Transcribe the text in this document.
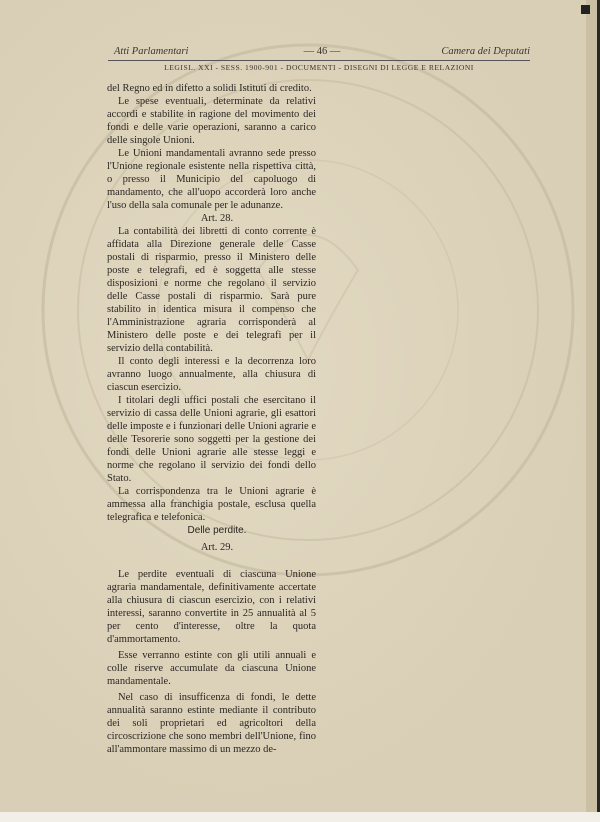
Atti Parlamentari	— 46 —	Camera dei Deputati
LEGISL. XXI - SESS. 1900-901 - DOCUMENTI - DISEGNI DI LEGGE E RELAZIONI

del Regno ed in difetto a solidi Istituti di credito.

Le spese eventuali, determinate da relativi accordi e stabilite in ragione del movimento dei fondi e delle varie operazioni, saranno a carico delle singole Unioni.

Le Unioni mandamentali avranno sede presso l'Unione regionale esistente nella rispettiva città, o presso il Municipio del capoluogo di mandamento, che all'uopo accorderà loro anche l'uso della sala comunale per le adunanze.

Art. 28.

La contabilità dei libretti di conto corrente è affidata alla Direzione generale delle Casse postali di risparmio, presso il Ministero delle poste e telegrafi, ed è soggetta alle stesse disposizioni e norme che regolano il servizio delle Casse postali di risparmio. Sarà pure stabilito in identica misura il compenso che l'Amministrazione agraria corrisponderà al Ministero delle poste e dei telegrafi per il servizio della contabilità.

Il conto degli interessi e la decorrenza loro avranno luogo annualmente, alla chiusura di ciascun esercizio.

I titolari degli uffici postali che esercitano il servizio di cassa delle Unioni agrarie, gli esattori delle imposte e i funzionari delle Unioni agrarie e delle Tesorerie sono soggetti per la gestione dei fondi delle Unioni agrarie alle stesse leggi e norme che regolano il servizio dei fondi dello Stato.

La corrispondenza tra le Unioni agrarie è ammessa alla franchigia postale, esclusa quella telegrafica e telefonica.

Delle perdite.

Art. 29.

Le perdite eventuali di ciascuna Unione agraria mandamentale, definitivamente accertate alla chiusura di ciascun esercizio, con i relativi interessi, saranno convertite in 25 annualità al 5 per cento d'interesse, oltre la quota d'ammortamento.

Esse verranno estinte con gli utili annuali e colle riserve accumulate da ciascuna Unione mandamentale.

Nel caso di insufficenza di fondi, le dette annualità saranno estinte mediante il contributo dei soli proprietari ed agricoltori della circoscrizione che sono membri dell'Unione, fino all'ammontare massimo di un mezzo de-
